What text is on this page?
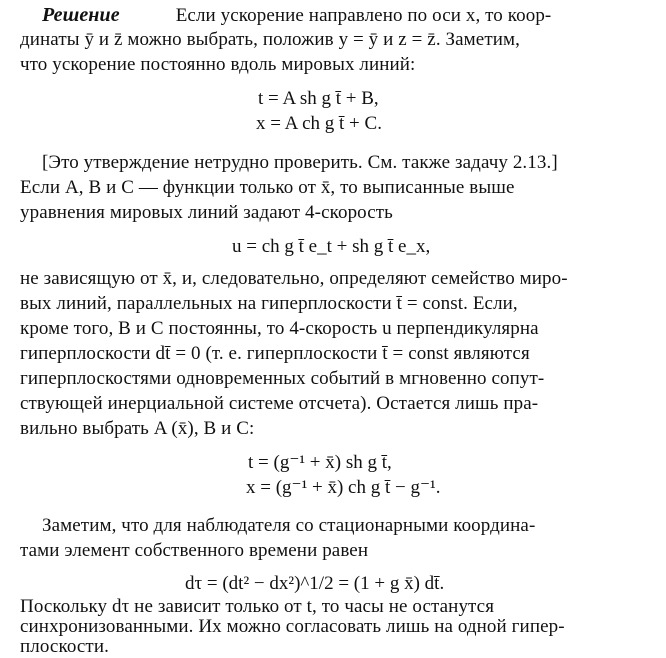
Решение	Если ускорение направлено по оси x, то коор-
динаты ȳ и z̄ можно выбрать, положив y = ȳ и z = z̄. Заметим,
что ускорение постоянно вдоль мировых линий:
t = A sh g t̄ + B,
x = A ch g t̄ + C.
[Это утверждение нетрудно проверить. См. также задачу 2.13.]
Если A, B и C — функции только от x̄, то выписанные выше
уравнения мировых линий задают 4-скорость
u = ch g t̄ e_t + sh g t̄ e_x,
не зависящую от x̄, и, следовательно, определяют семейство миро-
вых линий, параллельных на гиперплоскости t̄ = const. Если,
кроме того, B и C постоянны, то 4-скорость u перпендикулярна
гиперплоскости dt̄ = 0 (т. е. гиперплоскости t̄ = const являются
гиперплоскостями одновременных событий в мгновенно сопут-
ствующей инерциальной системе отсчета). Остается лишь пра-
вильно выбрать A (x̄), B и C:
t = (g⁻¹ + x̄) sh g t̄,
x = (g⁻¹ + x̄) ch g t̄ − g⁻¹.
Заметим, что для наблюдателя со стационарными координа-
тами элемент собственного времени равен
dτ = (dt² − dx²)^1/2 = (1 + g x̄) dt̄.
Поскольку dτ не зависит только от t, то часы не останутся
синхронизованными. Их можно согласовать лишь на одной гипер-
плоскости.
